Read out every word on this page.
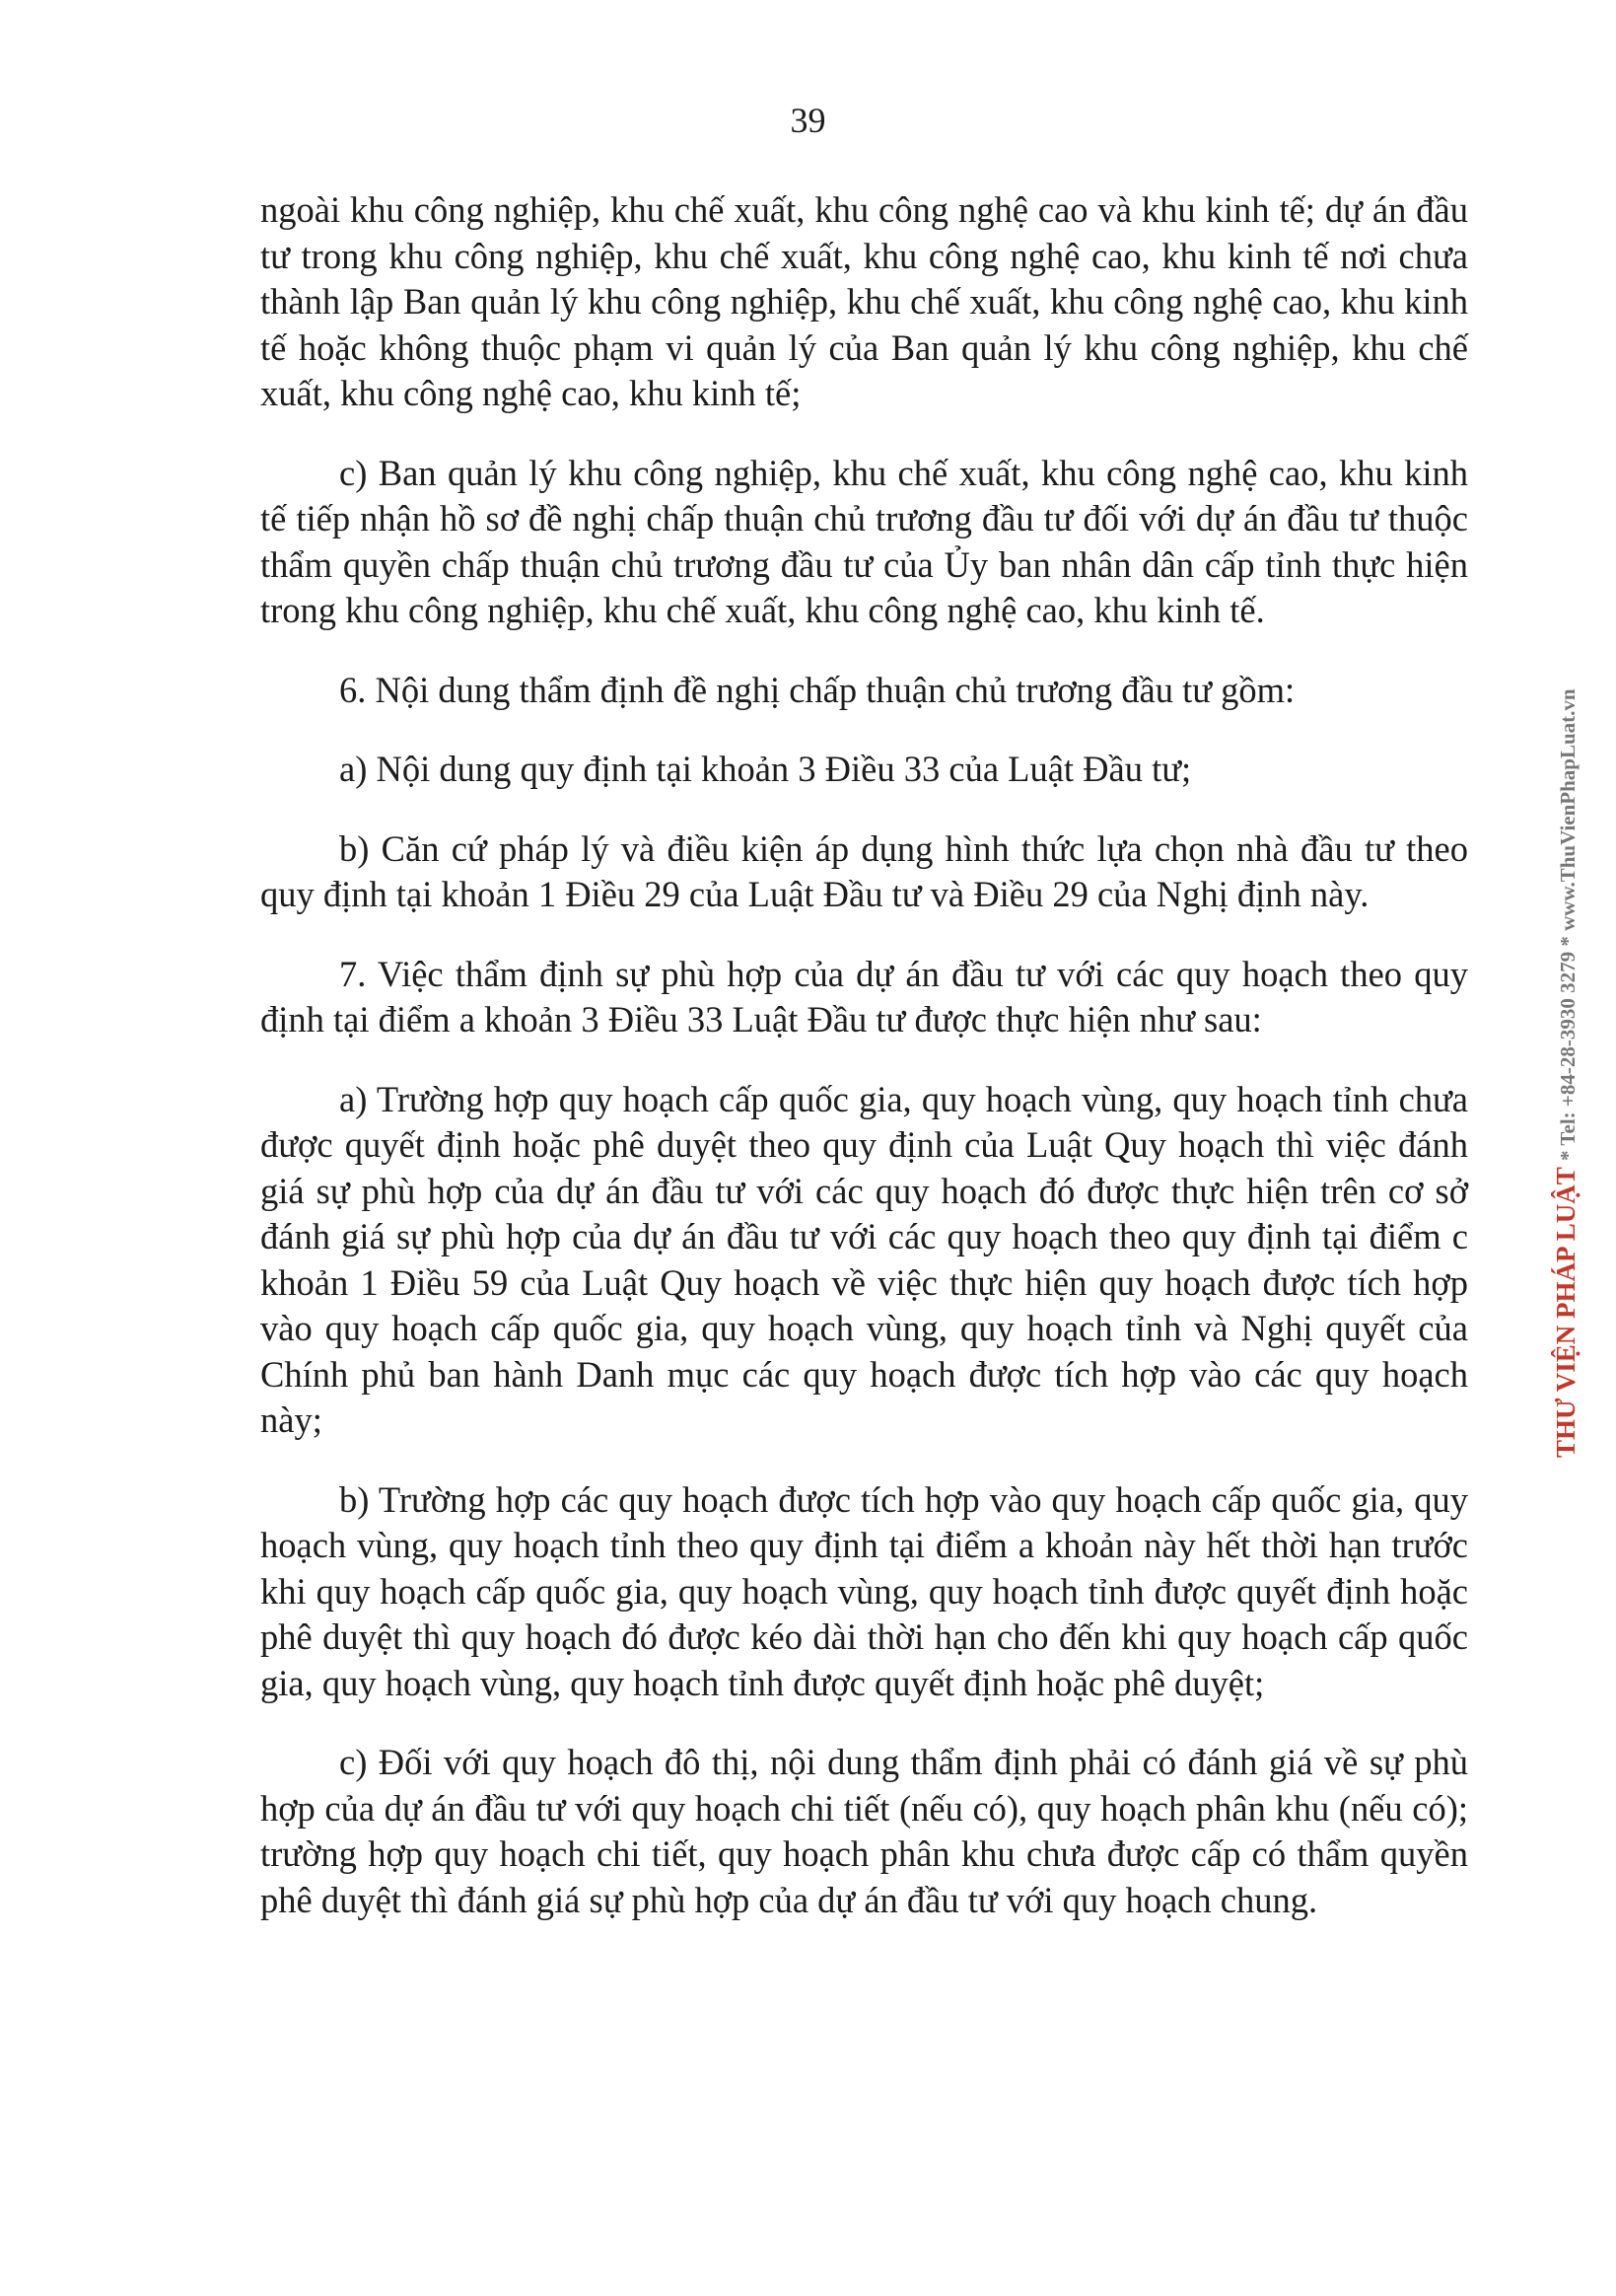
39

ngoài khu công nghiệp, khu chế xuất, khu công nghệ cao và khu kinh tế; dự án đầu tư trong khu công nghiệp, khu chế xuất, khu công nghệ cao, khu kinh tế nơi chưa thành lập Ban quản lý khu công nghiệp, khu chế xuất, khu công nghệ cao, khu kinh tế hoặc không thuộc phạm vi quản lý của Ban quản lý khu công nghiệp, khu chế xuất, khu công nghệ cao, khu kinh tế;

c) Ban quản lý khu công nghiệp, khu chế xuất, khu công nghệ cao, khu kinh tế tiếp nhận hồ sơ đề nghị chấp thuận chủ trương đầu tư đối với dự án đầu tư thuộc thẩm quyền chấp thuận chủ trương đầu tư của Ủy ban nhân dân cấp tỉnh thực hiện trong khu công nghiệp, khu chế xuất, khu công nghệ cao, khu kinh tế.

6. Nội dung thẩm định đề nghị chấp thuận chủ trương đầu tư gồm:

a) Nội dung quy định tại khoản 3 Điều 33 của Luật Đầu tư;

b) Căn cứ pháp lý và điều kiện áp dụng hình thức lựa chọn nhà đầu tư theo quy định tại khoản 1 Điều 29 của Luật Đầu tư và Điều 29 của Nghị định này.

7. Việc thẩm định sự phù hợp của dự án đầu tư với các quy hoạch theo quy định tại điểm a khoản 3 Điều 33 Luật Đầu tư được thực hiện như sau:

a) Trường hợp quy hoạch cấp quốc gia, quy hoạch vùng, quy hoạch tỉnh chưa được quyết định hoặc phê duyệt theo quy định của Luật Quy hoạch thì việc đánh giá sự phù hợp của dự án đầu tư với các quy hoạch đó được thực hiện trên cơ sở đánh giá sự phù hợp của dự án đầu tư với các quy hoạch theo quy định tại điểm c khoản 1 Điều 59 của Luật Quy hoạch về việc thực hiện quy hoạch được tích hợp vào quy hoạch cấp quốc gia, quy hoạch vùng, quy hoạch tỉnh và Nghị quyết của Chính phủ ban hành Danh mục các quy hoạch được tích hợp vào các quy hoạch này;

b) Trường hợp các quy hoạch được tích hợp vào quy hoạch cấp quốc gia, quy hoạch vùng, quy hoạch tỉnh theo quy định tại điểm a khoản này hết thời hạn trước khi quy hoạch cấp quốc gia, quy hoạch vùng, quy hoạch tỉnh được quyết định hoặc phê duyệt thì quy hoạch đó được kéo dài thời hạn cho đến khi quy hoạch cấp quốc gia, quy hoạch vùng, quy hoạch tỉnh được quyết định hoặc phê duyệt;

c) Đối với quy hoạch đô thị, nội dung thẩm định phải có đánh giá về sự phù hợp của dự án đầu tư với quy hoạch chi tiết (nếu có), quy hoạch phân khu (nếu có); trường hợp quy hoạch chi tiết, quy hoạch phân khu chưa được cấp có thẩm quyền phê duyệt thì đánh giá sự phù hợp của dự án đầu tư với quy hoạch chung.

THƯ VIỆN PHÁP LUẬT * Tel: +84-28-3930 3279 * www.ThuVienPhapLuat.vn
